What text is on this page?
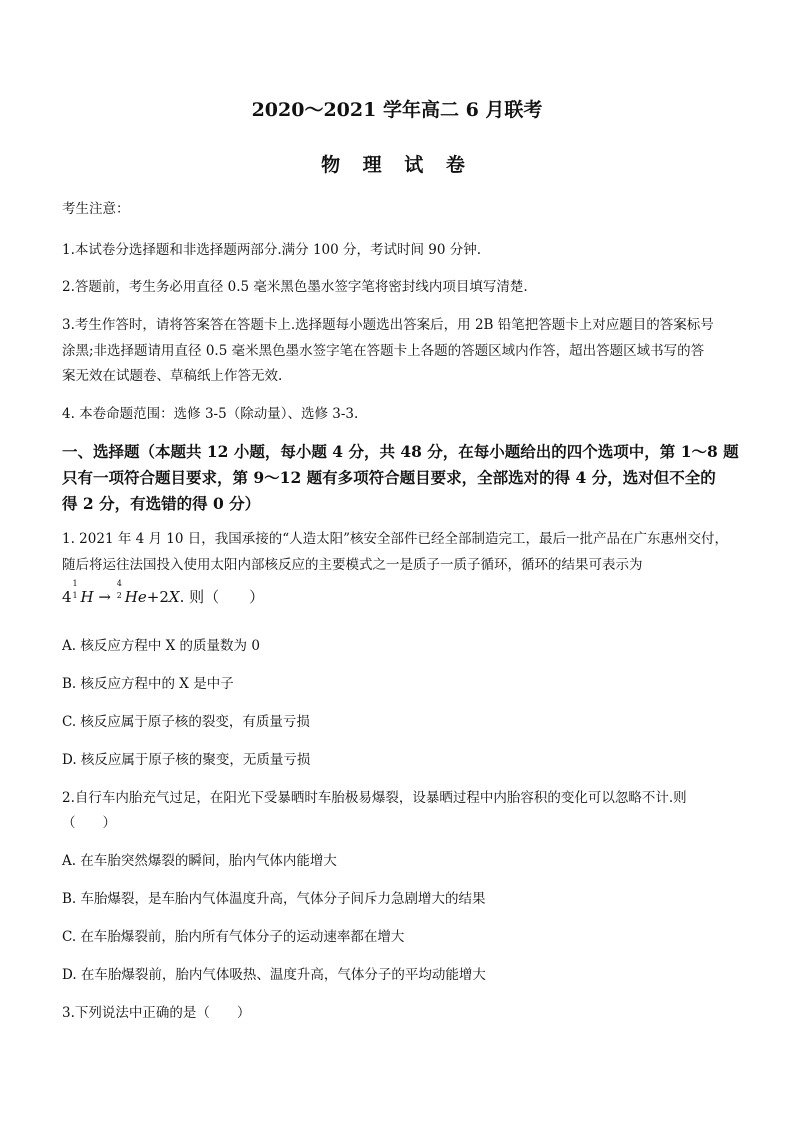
2020～2021 学年高二 6 月联考
物 理 试 卷
考生注意：
1.本试卷分选择题和非选择题两部分.满分 100 分，考试时间 90 分钟.
2.答题前，考生务必用直径 0.5 毫米黑色墨水签字笔将密封线内项目填写清楚.
3.考生作答时，请将答案答在答题卡上.选择题每小题选出答案后，用 2B 铅笔把答题卡上对应题目的答案标号
涂黑;非选择题请用直径 0.5 毫米黑色墨水签字笔在答题卡上各题的答题区域内作答，超出答题区域书写的答
案无效在试题卷、草稿纸上作答无效.
4. 本卷命题范围：选修 3-5（除动量）、选修 3-3.
一、选择题（本题共 12 小题，每小题 4 分，共 48 分，在每小题给出的四个选项中，第 1～8 题
只有一项符合题目要求，第 9～12 题有多项符合题目要求，全部选对的得 4 分，选对但不全的
得 2 分，有选错的得 0 分）
1. 2021 年 4 月 10 日，我国承接的“人造太阳”核安全部件已经全部制造完工，最后一批产品在广东惠州交付，
随后将运往法国投入使用太阳内部核反应的主要模式之一是质子一质子循环，循环的结果可表示为
4
1
1 H →
4
2 He+2X. 则（　　）
A. 核反应方程中 X 的质量数为 0
B. 核反应方程中的 X 是中子
C. 核反应属于原子核的裂变，有质量亏损
D. 核反应属于原子核的聚变，无质量亏损
2.自行车内胎充气过足，在阳光下受暴晒时车胎极易爆裂，设暴晒过程中内胎容积的变化可以忽略不计.则
（　　）
A. 在车胎突然爆裂的瞬间，胎内气体内能增大
B. 车胎爆裂，是车胎内气体温度升高，气体分子间斥力急剧增大的结果
C. 在车胎爆裂前，胎内所有气体分子的运动速率都在增大
D. 在车胎爆裂前，胎内气体吸热、温度升高，气体分子的平均动能增大
3.下列说法中正确的是（　　）
